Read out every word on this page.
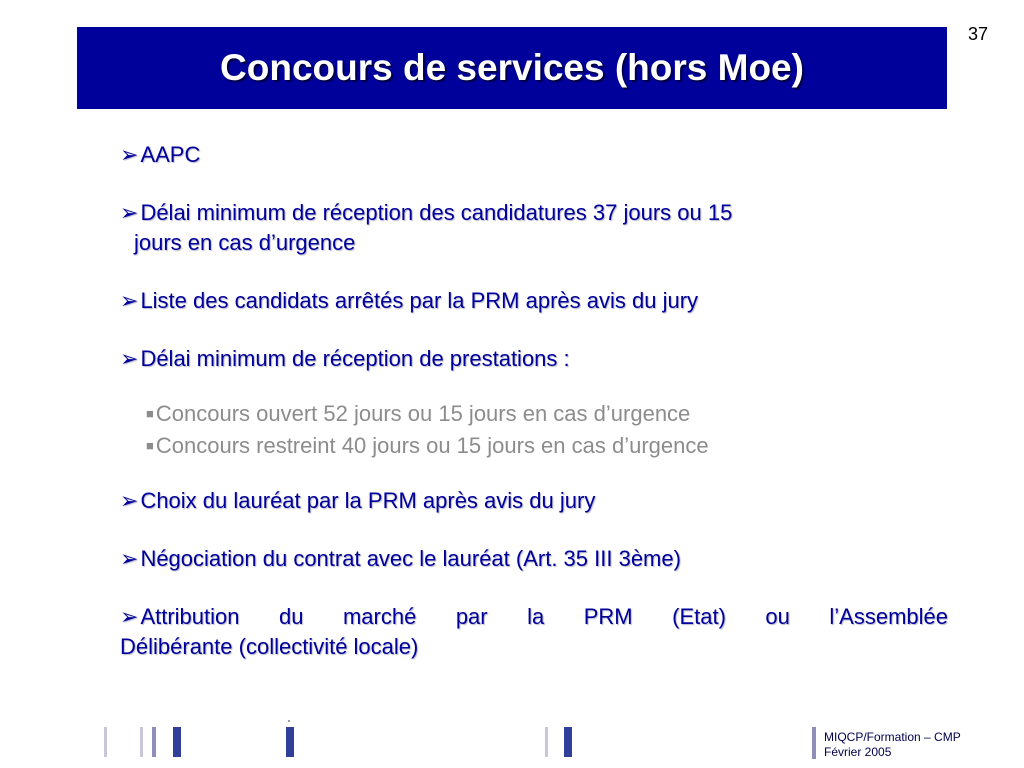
37
Concours de services (hors Moe)
➢AAPC
➢Délai minimum de réception des candidatures 37 jours ou 15
jours en cas d’urgence
➢Liste des candidats arrêtés par la PRM après avis du jury
➢Délai minimum de réception de prestations :
■Concours ouvert 52 jours ou 15 jours en cas d’urgence
■Concours restreint 40 jours ou 15 jours en cas d’urgence
➢Choix du lauréat par la PRM après avis du jury
➢Négociation du contrat avec le lauréat (Art. 35 III 3ème)
➢Attribution du marché par la PRM (Etat) ou l’Assemblée
Délibérante (collectivité locale)
MIQCP/Formation – CMP
Février 2005
